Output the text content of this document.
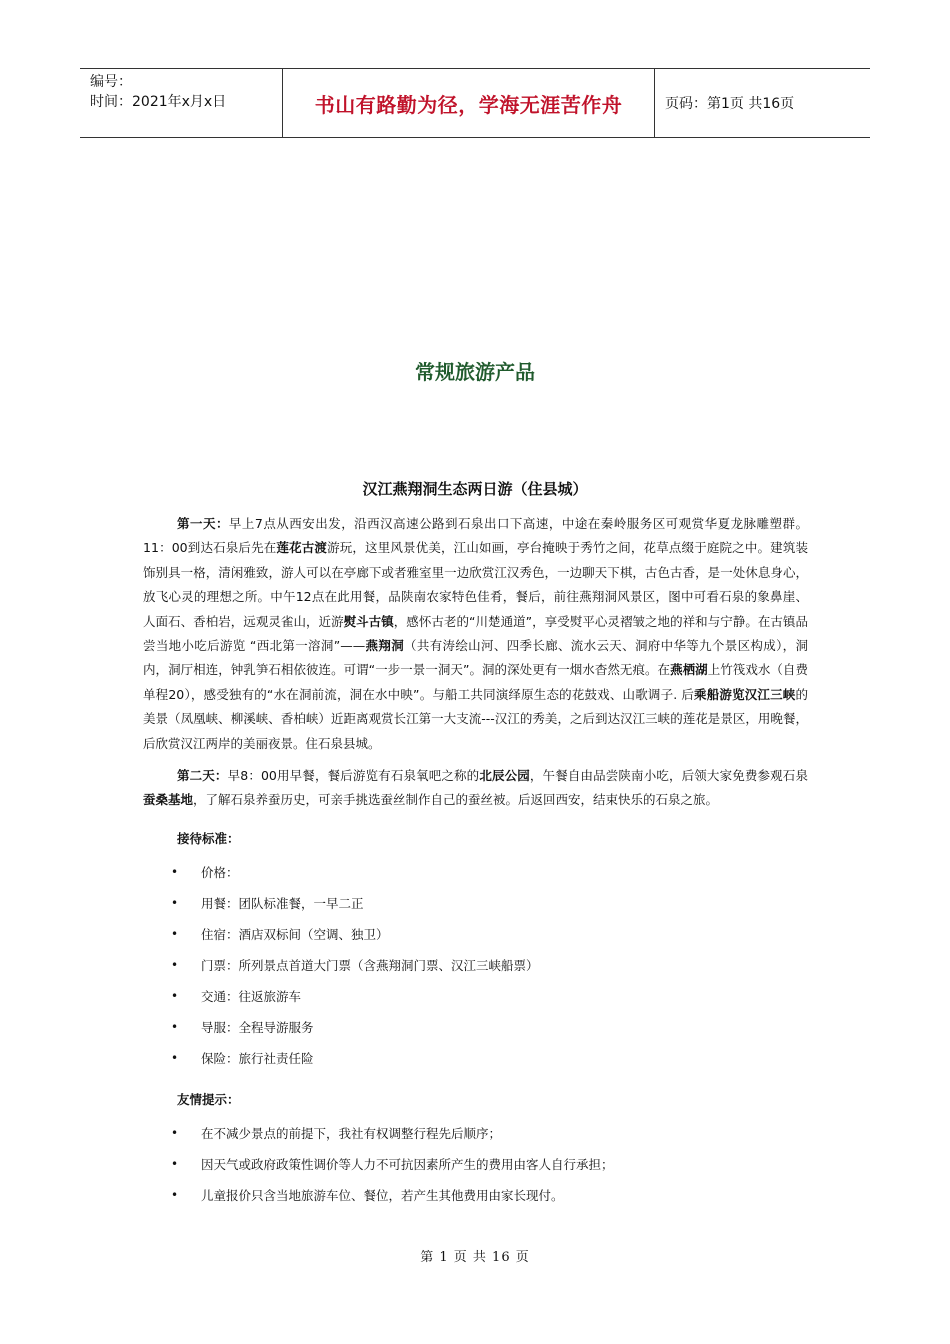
编号：
时间：2021年x月x日	书山有路勤为径，学海无涯苦作舟	页码：第1页 共16页
常规旅游产品
汉江燕翔洞生态两日游（住县城）

第一天：早上7点从西安出发，沿西汉高速公路到石泉出口下高速，中途在秦岭服务区可观赏华夏龙脉雕塑群。11：00到达石泉后先在莲花古渡游玩，这里风景优美，江山如画，亭台掩映于秀竹之间，花草点缀于庭院之中。建筑装饰别具一格，清闲雅致，游人可以在亭廊下或者雅室里一边欣赏江汉秀色，一边聊天下棋，古色古香，是一处休息身心，放飞心灵的理想之所。中午12点在此用餐，品陕南农家特色佳肴，餐后，前往燕翔洞风景区，图中可看石泉的象鼻崖、人面石、香柏岩，远观灵雀山，近游熨斗古镇，感怀古老的“川楚通道”，享受熨平心灵褶皱之地的祥和与宁静。在古镇品尝当地小吃后游览 “西北第一溶洞”——燕翔洞（共有涛绘山河、四季长廊、流水云天、洞府中华等九个景区构成），洞内，洞厅相连，钟乳笋石相依彼连。可谓“一步一景一洞天”。洞的深处更有一烟水杳然无痕。在燕栖湖上竹筏戏水（自费单程20），感受独有的“水在洞前流，洞在水中映”。与船工共同演绎原生态的花鼓戏、山歌调子. 后乘船游览汉江三峡的美景（凤凰峡、柳溪峡、香柏峡）近距离观赏长江第一大支流---汉江的秀美，之后到达汉江三峡的莲花是景区，用晚餐，后欣赏汉江两岸的美丽夜景。住石泉县城。

第二天：早8：00用早餐，餐后游览有石泉氧吧之称的北辰公园，午餐自由品尝陕南小吃，后领大家免费参观石泉蚕桑基地，了解石泉养蚕历史，可亲手挑选蚕丝制作自己的蚕丝被。后返回西安，结束快乐的石泉之旅。

接待标准：
• 价格：
• 用餐：团队标准餐，一早二正
• 住宿：酒店双标间（空调、独卫）
• 门票：所列景点首道大门票（含燕翔洞门票、汉江三峡船票）
• 交通：往返旅游车
• 导服：全程导游服务
• 保险：旅行社责任险
友情提示：
• 在不减少景点的前提下，我社有权调整行程先后顺序；
• 因天气或政府政策性调价等人力不可抗因素所产生的费用由客人自行承担；
• 儿童报价只含当地旅游车位、餐位，若产生其他费用由家长现付。
第 1 页 共 16 页
